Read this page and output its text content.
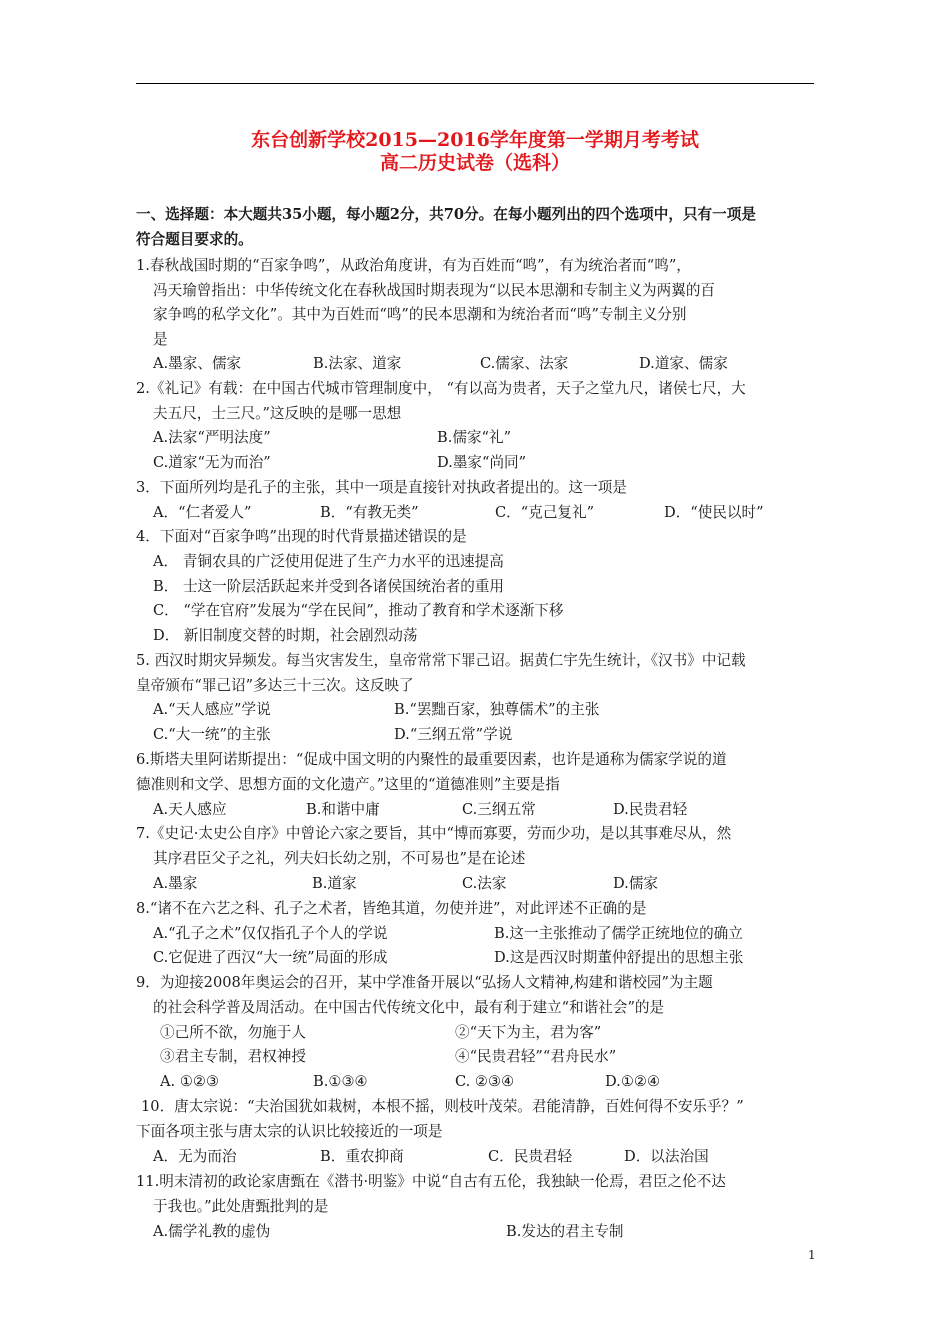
东台创新学校2015—2016学年度第一学期月考考试
高二历史试卷（选科）
一、选择题：本大题共35小题，每小题2分，共70分。在每小题列出的四个选项中，只有一项是
符合题目要求的。
1.春秋战国时期的“百家争鸣”，从政治角度讲，有为百姓而“鸣”，有为统治者而“鸣”，
冯天瑜曾指出：中华传统文化在春秋战国时期表现为“以民本思潮和专制主义为两翼的百
家争鸣的私学文化”。其中为百姓而“鸣”的民本思潮和为统治者而“鸣”专制主义分别
是
A.墨家、儒家	B.法家、道家	C.儒家、法家	D.道家、儒家
2.《礼记》有载：在中国古代城市管理制度中， “有以高为贵者，天子之堂九尺，诸侯七尺，大
夫五尺，士三尺。”这反映的是哪一思想
A.法家“严明法度”	B.儒家“礼”
C.道家“无为而治”	D.墨家“尚同”
3．下面所列均是孔子的主张，其中一项是直接针对执政者提出的。这一项是
A．“仁者爱人”	B．“有教无类”	C．“克己复礼”	D．“使民以时”
4．下面对“百家争鸣”出现的时代背景描述错误的是
A． 青铜农具的广泛使用促进了生产力水平的迅速提高
B． 士这一阶层活跃起来并受到各诸侯国统治者的重用
C． “学在官府”发展为“学在民间”，推动了教育和学术逐渐下移
D． 新旧制度交替的时期，社会剧烈动荡
5. 西汉时期灾异频发。每当灾害发生，皇帝常常下罪己诏。据黄仁宇先生统计，《汉书》中记载
皇帝颁布“罪己诏”多达三十三次。这反映了
A.“天人感应”学说	B.“罢黜百家，独尊儒术”的主张
C.“大一统”的主张	D.“三纲五常”学说
6.斯塔夫里阿诺斯提出：“促成中国文明的内聚性的最重要因素，也许是通称为儒家学说的道
德准则和文学、思想方面的文化遗产。”这里的“道德准则”主要是指
A.天人感应	B.和谐中庸	C.三纲五常	D.民贵君轻
7.《史记·太史公自序》中曾论六家之要旨，其中“博而寡要，劳而少功，是以其事难尽从，然
其序君臣父子之礼，列夫妇长幼之别，不可易也”是在论述
A.墨家	B.道家	C.法家	D.儒家
8.“诸不在六艺之科、孔子之术者，皆绝其道，勿使并进”，对此评述不正确的是
A.“孔子之术”仅仅指孔子个人的学说	B.这一主张推动了儒学正统地位的确立
C.它促进了西汉“大一统”局面的形成	D.这是西汉时期董仲舒提出的思想主张
9．为迎接2008年奥运会的召开，某中学准备开展以“弘扬人文精神,构建和谐校园”为主题
的社会科学普及周活动。在中国古代传统文化中，最有利于建立“和谐社会”的是
①己所不欲，勿施于人	②“天下为主，君为客”
③君主专制，君权神授	④“民贵君轻”“君舟民水”
A. ①②③	B.①③④	C. ②③④	D.①②④
10．唐太宗说：“夫治国犹如栽树，本根不摇，则枝叶茂荣。君能清静，百姓何得不安乐乎？”
下面各项主张与唐太宗的认识比较接近的一项是
A．无为而治	B．重农抑商	C．民贵君轻	D．以法治国
11.明末清初的政论家唐甄在《潜书·明鉴》中说“自古有五伦，我独缺一伦焉，君臣之伦不达
于我也。”此处唐甄批判的是
A.儒学礼教的虚伪	B.发达的君主专制
1
